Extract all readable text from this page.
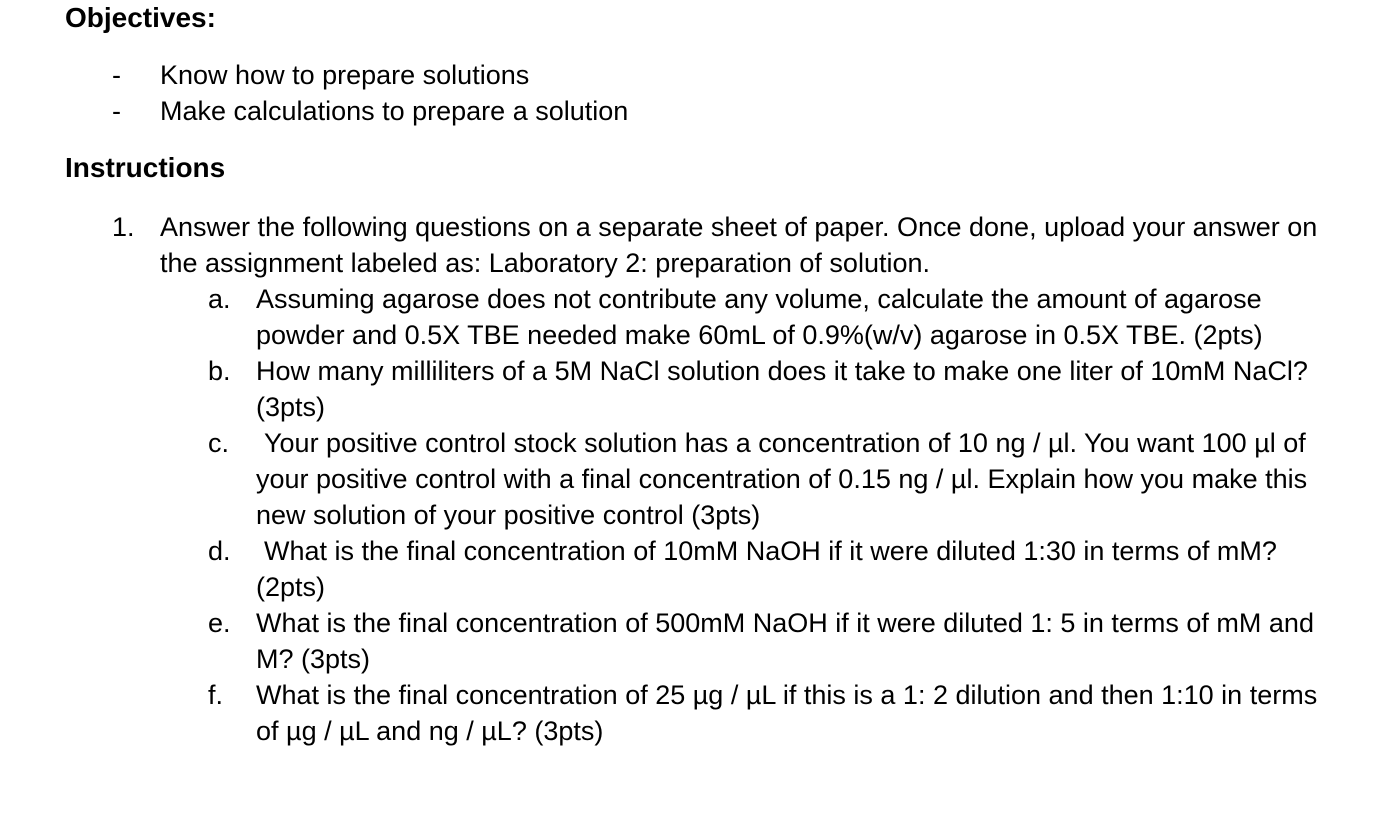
Objectives:
- Know how to prepare solutions
- Make calculations to prepare a solution
Instructions
1. Answer the following questions on a separate sheet of paper. Once done, upload your answer on the assignment labeled as: Laboratory 2: preparation of solution.
a. Assuming agarose does not contribute any volume, calculate the amount of agarose powder and 0.5X TBE needed make 60mL of 0.9%(w/v) agarose in 0.5X TBE. (2pts)
b. How many milliliters of a 5M NaCl solution does it take to make one liter of 10mM NaCl? (3pts)
c. Your positive control stock solution has a concentration of 10 ng / µl. You want 100 µl of your positive control with a final concentration of 0.15 ng / µl. Explain how you make this new solution of your positive control (3pts)
d. What is the final concentration of 10mM NaOH if it were diluted 1:30 in terms of mM? (2pts)
e. What is the final concentration of 500mM NaOH if it were diluted 1: 5 in terms of mM and M? (3pts)
f. What is the final concentration of 25 µg / µL if this is a 1: 2 dilution and then 1:10 in terms of µg / µL and ng / µL? (3pts)
